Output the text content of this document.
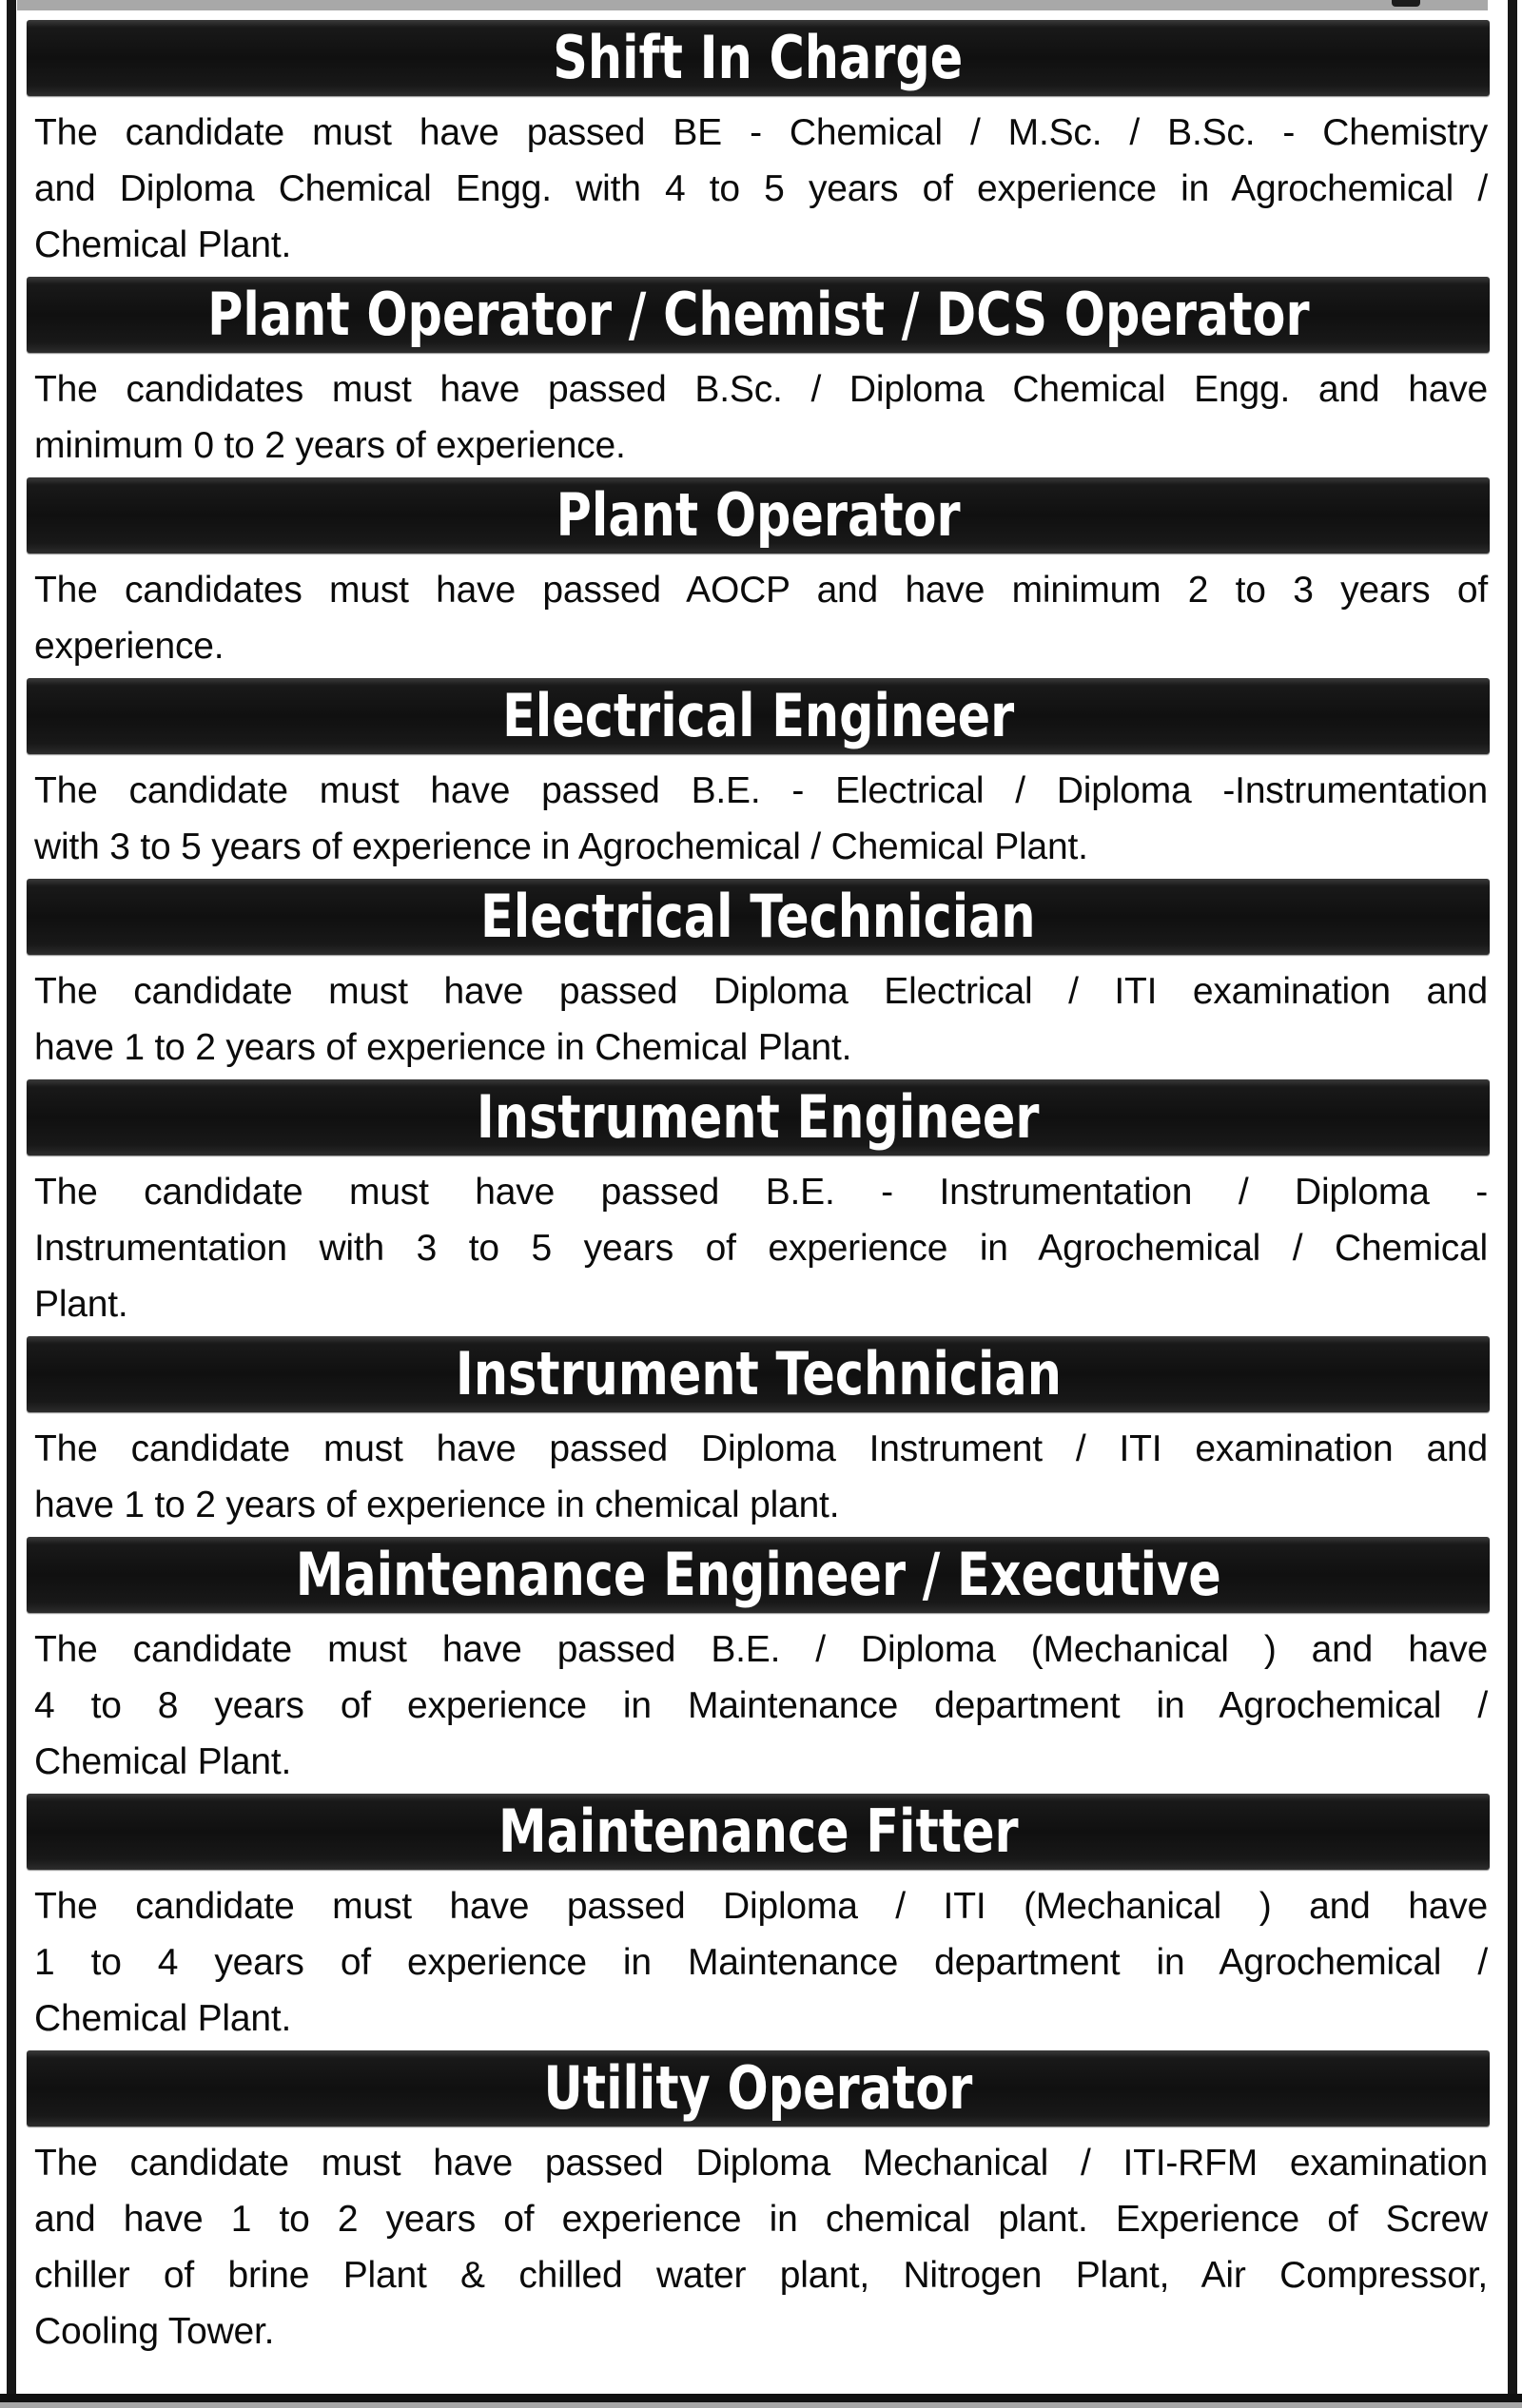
Shift In Charge
The candidate must have passed BE - Chemical / M.Sc. / B.Sc. - Chemistry
and Diploma Chemical Engg. with 4 to 5 years of experience in Agrochemical /
Chemical Plant.
Plant Operator / Chemist / DCS Operator
The candidates must have passed B.Sc. / Diploma Chemical Engg. and have
minimum 0 to 2 years of experience.
Plant Operator
The candidates must have passed AOCP and have minimum 2 to 3 years of
experience.
Electrical Engineer
The candidate must have passed B.E. - Electrical / Diploma -Instrumentation
with 3 to 5 years of experience in Agrochemical / Chemical Plant.
Electrical Technician
The candidate must have passed Diploma Electrical / ITI examination and
have 1 to 2 years of experience in Chemical Plant.
Instrument Engineer
The candidate must have passed B.E. - Instrumentation / Diploma -
Instrumentation with 3 to 5 years of experience in Agrochemical / Chemical
Plant.
Instrument Technician
The candidate must have passed Diploma Instrument / ITI examination and
have 1 to 2 years of experience in chemical plant.
Maintenance Engineer / Executive
The candidate must have passed B.E. / Diploma (Mechanical ) and have
4 to 8 years of experience in Maintenance department in Agrochemical /
Chemical Plant.
Maintenance Fitter
The candidate must have passed Diploma / ITI (Mechanical ) and have
1 to 4 years of experience in Maintenance department in Agrochemical /
Chemical Plant.
Utility Operator
The candidate must have passed Diploma Mechanical / ITI-RFM examination
and have 1 to 2 years of experience in chemical plant. Experience of Screw
chiller of brine Plant & chilled water plant, Nitrogen Plant, Air Compressor,
Cooling Tower.
